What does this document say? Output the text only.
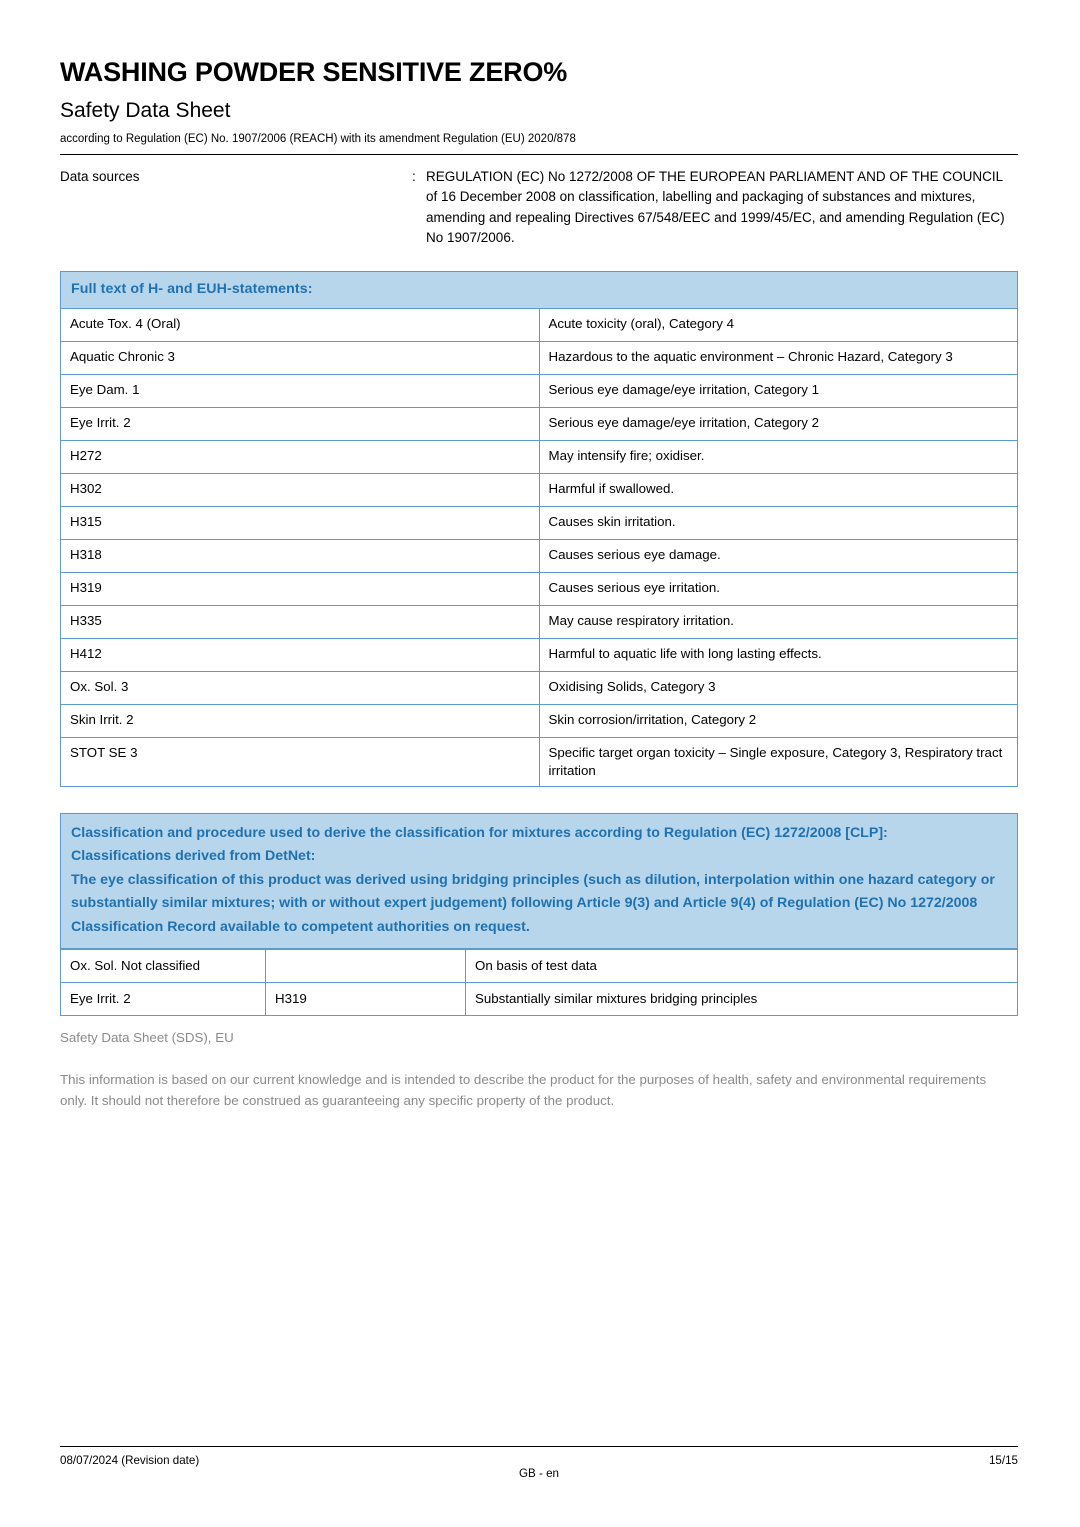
WASHING POWDER SENSITIVE ZERO%
Safety Data Sheet

according to Regulation (EC) No. 1907/2006 (REACH) with its amendment Regulation (EU) 2020/878

Data sources	: REGULATION (EC) No 1272/2008 OF THE EUROPEAN PARLIAMENT AND OF THE COUNCIL of 16 December 2008 on classification, labelling and packaging of substances and mixtures, amending and repealing Directives 67/548/EEC and 1999/45/EC, and amending Regulation (EC) No 1907/2006.
Full text of H- and EUH-statements:	
Acute Tox. 4 (Oral)	Acute toxicity (oral), Category 4
Aquatic Chronic 3	Hazardous to the aquatic environment – Chronic Hazard, Category 3
Eye Dam. 1	Serious eye damage/eye irritation, Category 1
Eye Irrit. 2	Serious eye damage/eye irritation, Category 2
H272	May intensify fire; oxidiser.
H302	Harmful if swallowed.
H315	Causes skin irritation.
H318	Causes serious eye damage.
H319	Causes serious eye irritation.
H335	May cause respiratory irritation.
H412	Harmful to aquatic life with long lasting effects.
Ox. Sol. 3	Oxidising Solids, Category 3
Skin Irrit. 2	Skin corrosion/irritation, Category 2
STOT SE 3	Specific target organ toxicity – Single exposure, Category 3, Respiratory tract irritation
Classification and procedure used to derive the classification for mixtures according to Regulation (EC) 1272/2008 [CLP]:
Classifications derived from DetNet:
The eye classification of this product was derived using bridging principles (such as dilution, interpolation within one hazard category or substantially similar mixtures; with or without expert judgement) following Article 9(3) and Article 9(4) of Regulation (EC) No 1272/2008
Classification Record available to competent authorities on request.
Ox. Sol. Not classified		On basis of test data
Eye Irrit. 2	H319	Substantially similar mixtures bridging principles
Safety Data Sheet (SDS), EU
This information is based on our current knowledge and is intended to describe the product for the purposes of health, safety and environmental requirements only. It should not therefore be construed as guaranteeing any specific property of the product.
08/07/2024 (Revision date)	15/15
GB - en
